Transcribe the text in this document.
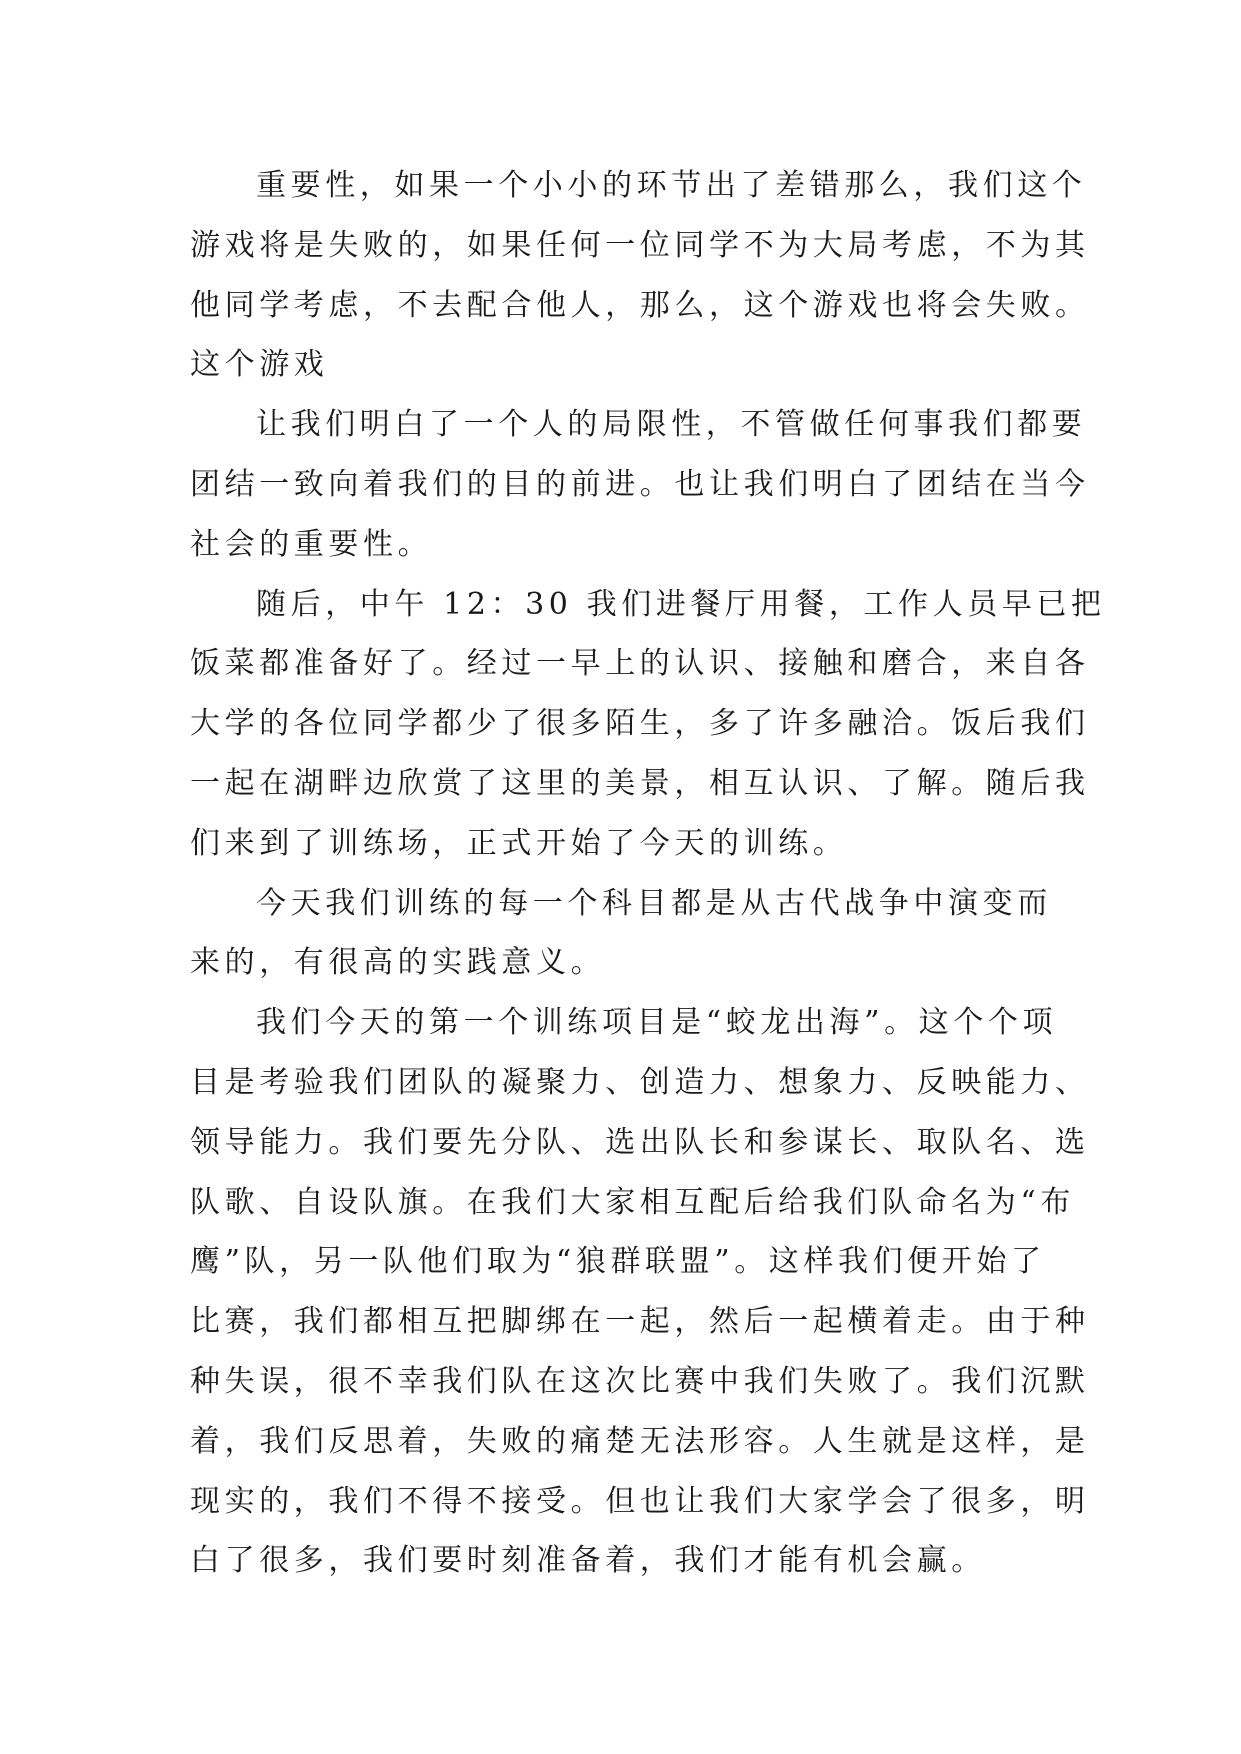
重要性，如果一个小小的环节出了差错那么，我们这个
游戏将是失败的，如果任何一位同学不为大局考虑，不为其
他同学考虑，不去配合他人，那么，这个游戏也将会失败。
这个游戏
让我们明白了一个人的局限性，不管做任何事我们都要
团结一致向着我们的目的前进。也让我们明白了团结在当今
社会的重要性。
随后，中午 12：30 我们进餐厅用餐，工作人员早已把
饭菜都准备好了。经过一早上的认识、接触和磨合，来自各
大学的各位同学都少了很多陌生，多了许多融洽。饭后我们
一起在湖畔边欣赏了这里的美景，相互认识、了解。随后我
们来到了训练场，正式开始了今天的训练。
今天我们训练的每一个科目都是从古代战争中演变而
来的，有很高的实践意义。
我们今天的第一个训练项目是“蛟龙出海”。这个个项
目是考验我们团队的凝聚力、创造力、想象力、反映能力、
领导能力。我们要先分队、选出队长和参谋长、取队名、选
队歌、自设队旗。在我们大家相互配后给我们队命名为“布
鹰”队，另一队他们取为“狼群联盟”。这样我们便开始了
比赛，我们都相互把脚绑在一起，然后一起横着走。由于种
种失误，很不幸我们队在这次比赛中我们失败了。我们沉默
着，我们反思着，失败的痛楚无法形容。人生就是这样，是
现实的，我们不得不接受。但也让我们大家学会了很多，明
白了很多，我们要时刻准备着，我们才能有机会赢。
